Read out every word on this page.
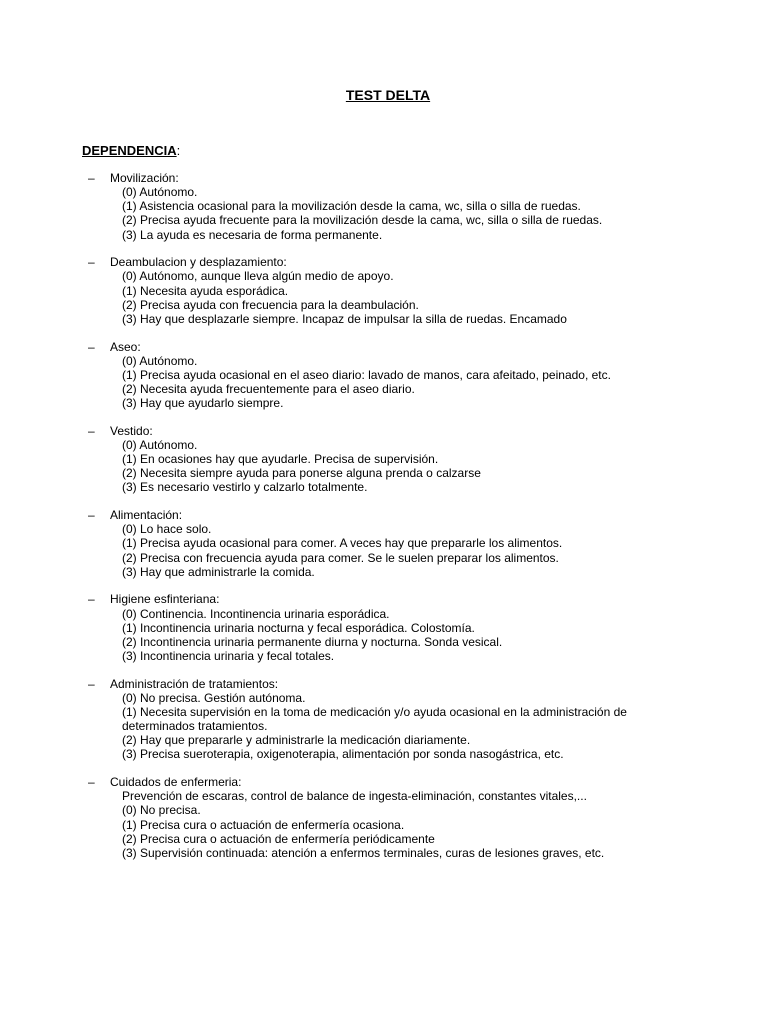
TEST DELTA

DEPENDENCIA:

– Movilización:
(0) Autónomo.
(1) Asistencia ocasional para la movilización desde la cama, wc, silla o silla de ruedas.
(2) Precisa ayuda frecuente para la movilización desde la cama, wc, silla o silla de ruedas.
(3) La ayuda es necesaria de forma permanente.
– Deambulacion y desplazamiento:
(0) Autónomo, aunque lleva algún medio de apoyo.
(1) Necesita ayuda esporádica.
(2) Precisa ayuda con frecuencia para la deambulación.
(3) Hay que desplazarle siempre. Incapaz de impulsar la silla de ruedas. Encamado
– Aseo:
(0) Autónomo.
(1) Precisa ayuda ocasional en el aseo diario: lavado de manos, cara afeitado, peinado, etc.
(2) Necesita ayuda frecuentemente para el aseo diario.
(3) Hay que ayudarlo siempre.
– Vestido:
(0) Autónomo.
(1) En ocasiones hay que ayudarle. Precisa de supervisión.
(2) Necesita siempre ayuda para ponerse alguna prenda o calzarse
(3) Es necesario vestirlo y calzarlo totalmente.
– Alimentación:
(0) Lo hace solo.
(1) Precisa ayuda ocasional para comer. A veces hay que prepararle los alimentos.
(2) Precisa con frecuencia ayuda para comer. Se le suelen preparar los alimentos.
(3) Hay que administrarle la comida.
– Higiene esfinteriana:
(0) Continencia. Incontinencia urinaria esporádica.
(1) Incontinencia urinaria nocturna y fecal esporádica. Colostomía.
(2) Incontinencia urinaria permanente diurna y nocturna. Sonda vesical.
(3) Incontinencia urinaria y fecal totales.
– Administración de tratamientos:
(0) No precisa. Gestión autónoma.
(1) Necesita supervisión en la toma de medicación y/o ayuda ocasional en la administración de determinados tratamientos.
(2) Hay que prepararle y administrarle la medicación diariamente.
(3) Precisa sueroterapia, oxigenoterapia, alimentación por sonda nasogástrica, etc.
– Cuidados de enfermeria:
Prevención de escaras, control de balance de ingesta-eliminación, constantes vitales,...
(0) No precisa.
(1) Precisa cura o actuación de enfermería ocasiona.
(2) Precisa cura o actuación de enfermería periódicamente
(3) Supervisión continuada: atención a enfermos terminales, curas de lesiones graves, etc.
